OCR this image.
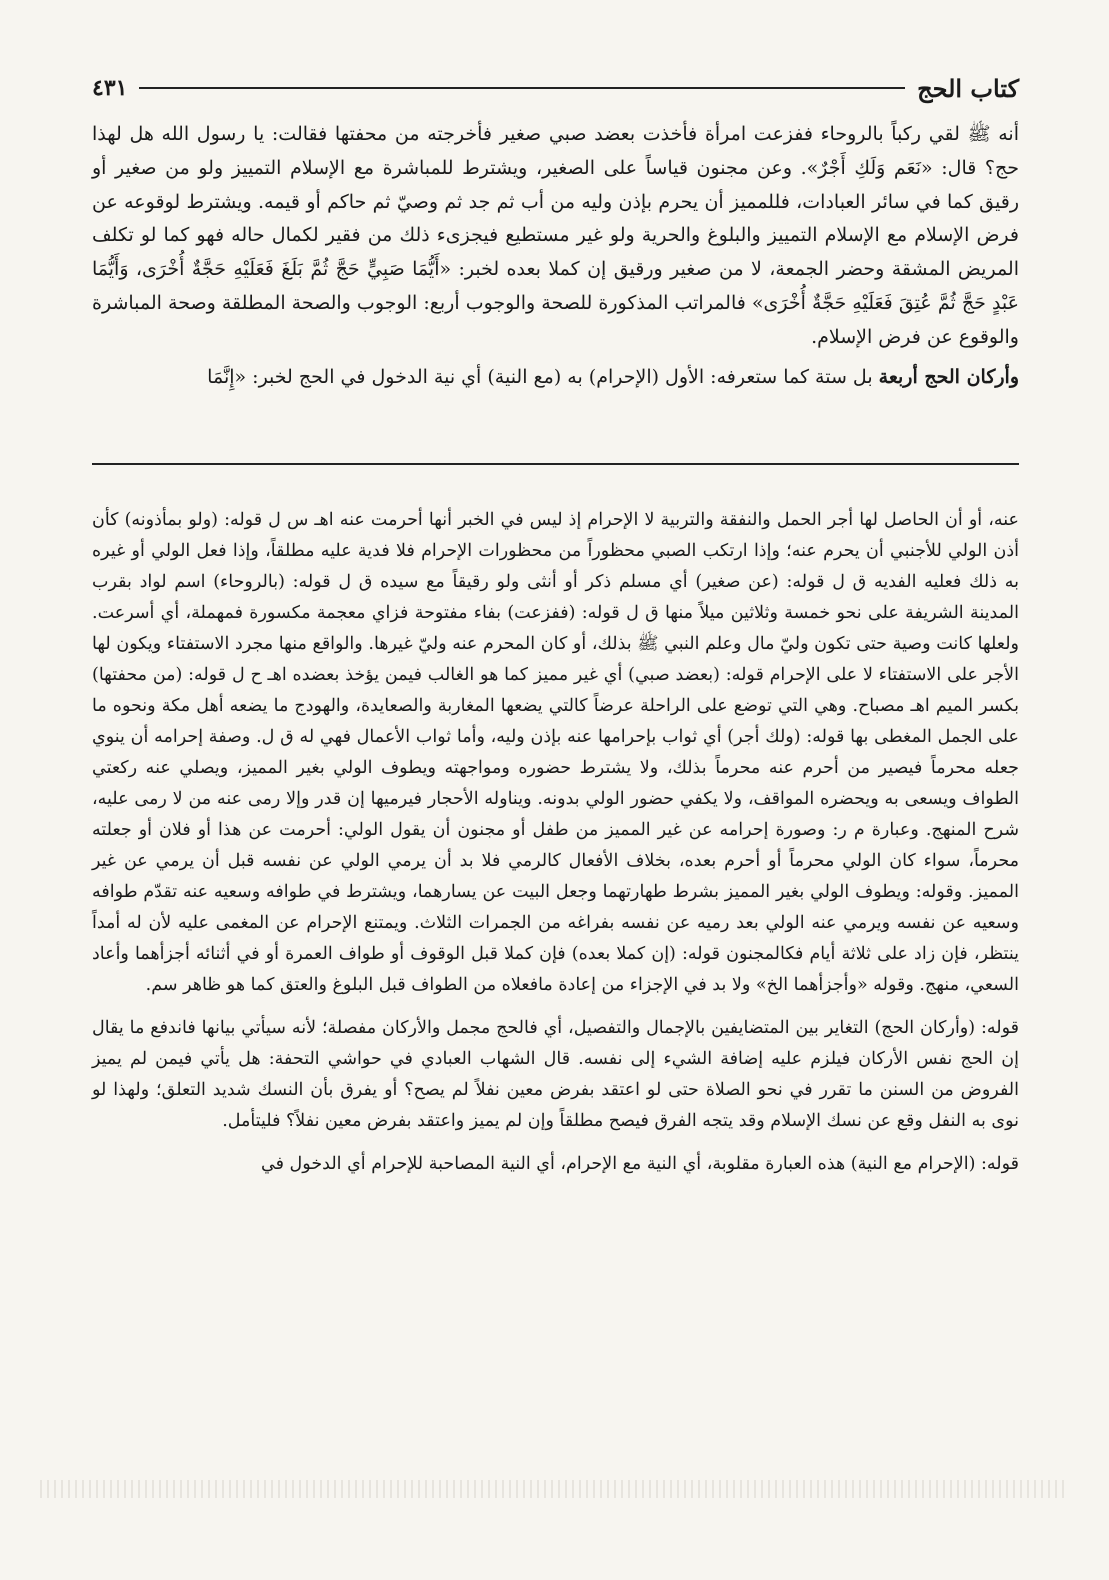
كتاب الحج
٤٣١

أنه ﷺ لقي ركباً بالروحاء ففزعت امرأة فأخذت بعضد صبي صغير فأخرجته من محفتها فقالت: يا رسول الله هل لهذا حج؟ قال: «نَعَم وَلَكِ أَجْرٌ». وعن مجنون قياساً على الصغير، ويشترط للمباشرة مع الإسلام التمييز ولو من صغير أو رقيق كما في سائر العبادات، فللمميز أن يحرم بإذن وليه من أب ثم جد ثم وصيّ ثم حاكم أو قيمه. ويشترط لوقوعه عن فرض الإسلام مع الإسلام التمييز والبلوغ والحرية ولو غير مستطيع فيجزىء ذلك من فقير لكمال حاله فهو كما لو تكلف المريض المشقة وحضر الجمعة، لا من صغير ورقيق إن كملا بعده لخبر: «أَيُّمَا صَبِيٍّ حَجَّ ثُمَّ بَلَغَ فَعَلَيْهِ حَجَّةٌ أُخْرَى، وَأَيُّمَا عَبْدٍ حَجَّ ثُمَّ عُتِقَ فَعَلَيْهِ حَجَّةٌ أُخْرَى» فالمراتب المذكورة للصحة والوجوب أربع: الوجوب والصحة المطلقة وصحة المباشرة والوقوع عن فرض الإسلام.

وأركان الحج أربعة بل ستة كما ستعرفه: الأول (الإحرام) به (مع النية) أي نية الدخول في الحج لخبر: «إِنَّمَا

عنه، أو أن الحاصل لها أجر الحمل والنفقة والتربية لا الإحرام إذ ليس في الخبر أنها أحرمت عنه اهـ س ل قوله: (ولو بمأذونه) كأن أذن الولي للأجنبي أن يحرم عنه؛ وإذا ارتكب الصبي محظوراً من محظورات الإحرام فلا فدية عليه مطلقاً، وإذا فعل الولي أو غيره به ذلك فعليه الفديه ق ل قوله: (عن صغير) أي مسلم ذكر أو أنثى ولو رقيقاً مع سيده ق ل قوله: (بالروحاء) اسم لواد بقرب المدينة الشريفة على نحو خمسة وثلاثين ميلاً منها ق ل قوله: (ففزعت) بفاء مفتوحة فزاي معجمة مكسورة فمهملة، أي أسرعت. ولعلها كانت وصية حتى تكون وليّ مال وعلم النبي ﷺ بذلك، أو كان المحرم عنه وليّ غيرها. والواقع منها مجرد الاستفتاء ويكون لها الأجر على الاستفتاء لا على الإحرام قوله: (بعضد صبي) أي غير مميز كما هو الغالب فيمن يؤخذ بعضده اهـ ح ل قوله: (من محفتها) بكسر الميم اهـ مصباح. وهي التي توضع على الراحلة عرضاً كالتي يضعها المغاربة والصعايدة، والهودج ما يضعه أهل مكة ونحوه ما على الجمل المغطى بها قوله: (ولك أجر) أي ثواب بإحرامها عنه بإذن وليه، وأما ثواب الأعمال فهي له ق ل. وصفة إحرامه أن ينوي جعله محرماً فيصير من أحرم عنه محرماً بذلك، ولا يشترط حضوره ومواجهته ويطوف الولي بغير المميز، ويصلي عنه ركعتي الطواف ويسعى به ويحضره المواقف، ولا يكفي حضور الولي بدونه. ويناوله الأحجار فيرميها إن قدر وإلا رمى عنه من لا رمى عليه، شرح المنهج. وعبارة م ر: وصورة إحرامه عن غير المميز من طفل أو مجنون أن يقول الولي: أحرمت عن هذا أو فلان أو جعلته محرماً، سواء كان الولي محرماً أو أحرم بعده، بخلاف الأفعال كالرمي فلا بد أن يرمي الولي عن نفسه قبل أن يرمي عن غير المميز. وقوله: ويطوف الولي بغير المميز بشرط طهارتهما وجعل البيت عن يسارهما، ويشترط في طوافه وسعيه عنه تقدّم طوافه وسعيه عن نفسه ويرمي عنه الولي بعد رميه عن نفسه بفراغه من الجمرات الثلاث. ويمتنع الإحرام عن المغمى عليه لأن له أمداً ينتظر، فإن زاد على ثلاثة أيام فكالمجنون قوله: (إن كملا بعده) فإن كملا قبل الوقوف أو طواف العمرة أو في أثنائه أجزأهما وأعاد السعي، منهج. وقوله «وأجزأهما الخ» ولا بد في الإجزاء من إعادة مافعلاه من الطواف قبل البلوغ والعتق كما هو ظاهر سم.

قوله: (وأركان الحج) التغاير بين المتضايفين بالإجمال والتفصيل، أي فالحج مجمل والأركان مفصلة؛ لأنه سيأتي بيانها فاندفع ما يقال إن الحج نفس الأركان فيلزم عليه إضافة الشيء إلى نفسه. قال الشهاب العبادي في حواشي التحفة: هل يأتي فيمن لم يميز الفروض من السنن ما تقرر في نحو الصلاة حتى لو اعتقد بفرض معين نفلاً لم يصح؟ أو يفرق بأن النسك شديد التعلق؛ ولهذا لو نوى به النفل وقع عن نسك الإسلام وقد يتجه الفرق فيصح مطلقاً وإن لم يميز واعتقد بفرض معين نفلاً؟ فليتأمل.

قوله: (الإحرام مع النية) هذه العبارة مقلوبة، أي النية مع الإحرام، أي النية المصاحبة للإحرام أي الدخول في
